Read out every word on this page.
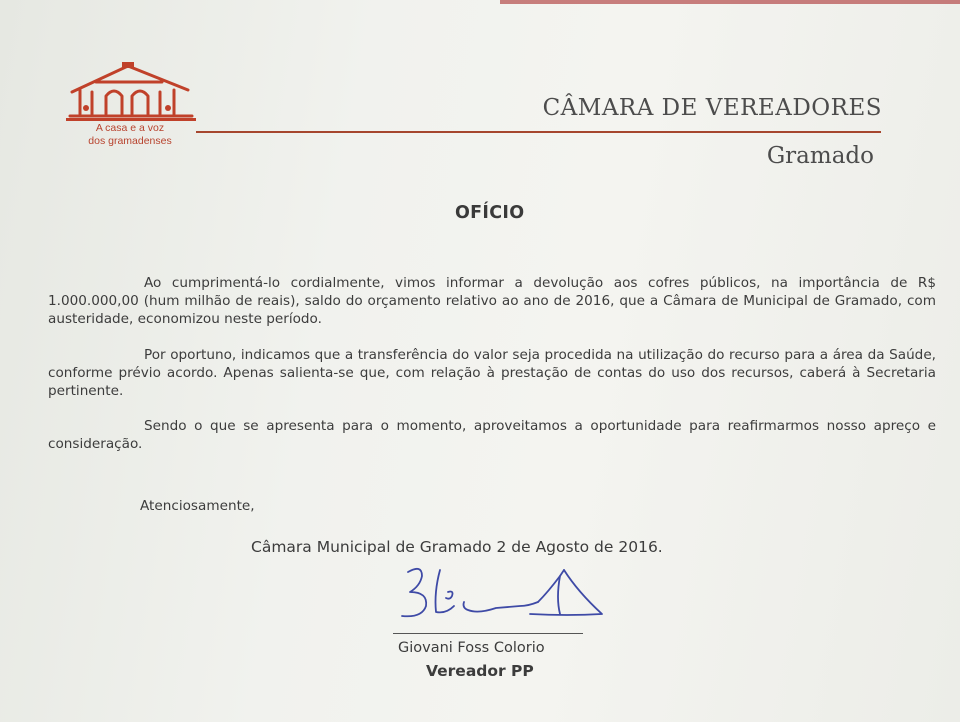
A casa e a voz
dos gramadenses
CÂMARA DE VEREADORES
Gramado
OFÍCIO

Ao cumprimentá-lo cordialmente, vimos informar a devolução aos cofres públicos, na importância de R$ 1.000.000,00 (hum milhão de reais), saldo do orçamento relativo ao ano de 2016, que a Câmara de Municipal de Gramado, com austeridade, economizou neste período.

Por oportuno, indicamos que a transferência do valor seja procedida na utilização do recurso para a área da Saúde, conforme prévio acordo. Apenas salienta-se que, com relação à prestação de contas do uso dos recursos, caberá à Secretaria pertinente.

Sendo o que se apresenta para o momento, aproveitamos a oportunidade para reafirmarmos nosso apreço e consideração.

Atenciosamente,
Câmara Municipal de Gramado 2 de Agosto de 2016.
Giovani Foss Colorio
Vereador PP
